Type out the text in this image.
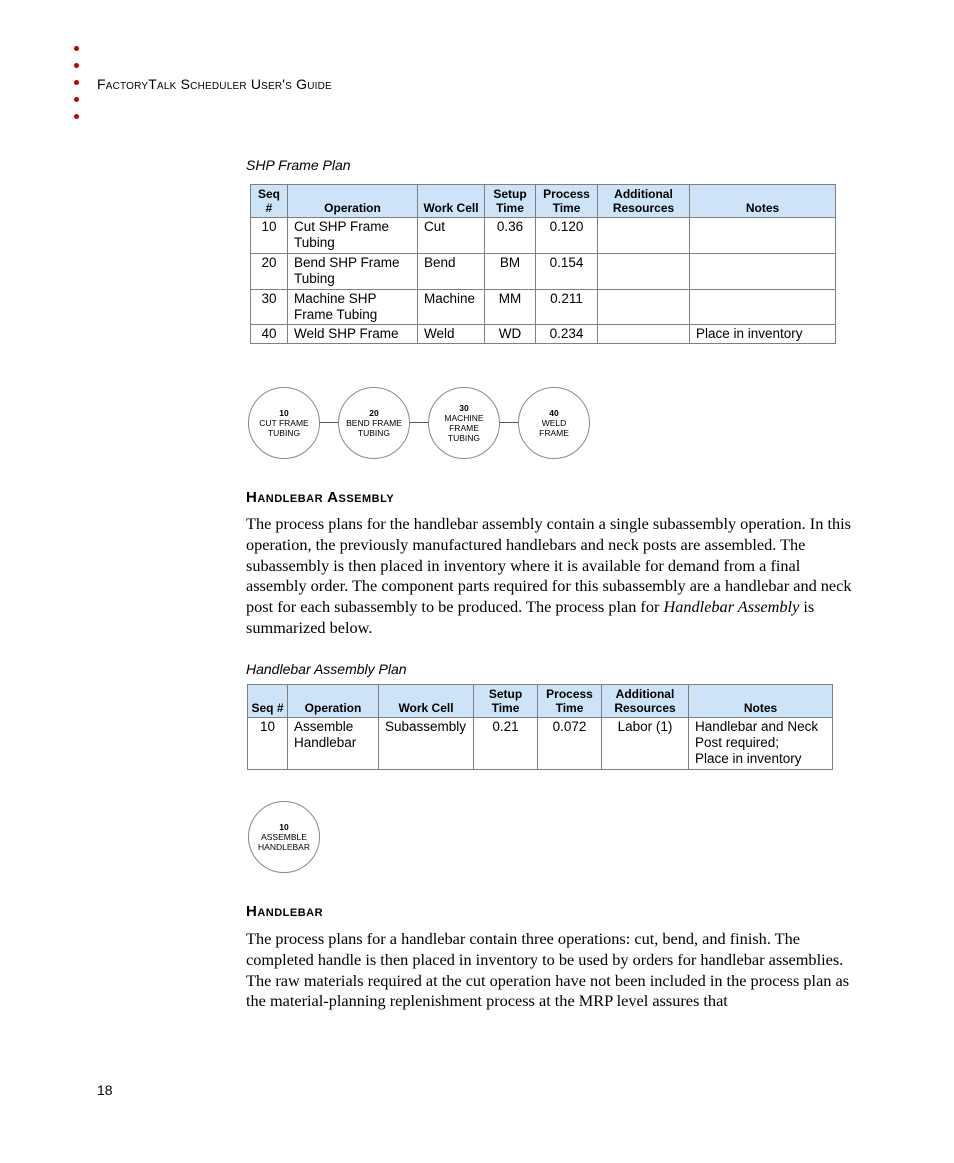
FactoryTalk Scheduler User's Guide
SHP Frame Plan
Seq #	Operation	Work Cell	Setup Time	Process Time	Additional Resources	Notes
10	Cut SHP Frame Tubing	Cut	0.36	0.120		
20	Bend SHP Frame Tubing	Bend	BM	0.154		
30	Machine SHP Frame Tubing	Machine	MM	0.211		
40	Weld SHP Frame	Weld	WD	0.234		Place in inventory
10
CUT FRAME
TUBING
20
BEND FRAME
TUBING
30
MACHINE
FRAME
TUBING
40
WELD
FRAME
Handlebar Assembly
The process plans for the handlebar assembly contain a single subassembly operation. In this operation, the previously manufactured handlebars and neck posts are assembled. The subassembly is then placed in inventory where it is available for demand from a final assembly order. The component parts required for this subassembly are a handlebar and neck post for each subassembly to be produced. The process plan for Handlebar Assembly is summarized below.
Handlebar Assembly Plan
Seq #	Operation	Work Cell	Setup Time	Process Time	Additional Resources	Notes
10	Assemble Handlebar	Subassembly	0.21	0.072	Labor (1)	Handlebar and Neck Post required;
Place in inventory
10
ASSEMBLE
HANDLEBAR
Handlebar
The process plans for a handlebar contain three operations: cut, bend, and finish. The completed handle is then placed in inventory to be used by orders for handlebar assemblies. The raw materials required at the cut operation have not been included in the process plan as the material-planning replenishment process at the MRP level assures that
18
